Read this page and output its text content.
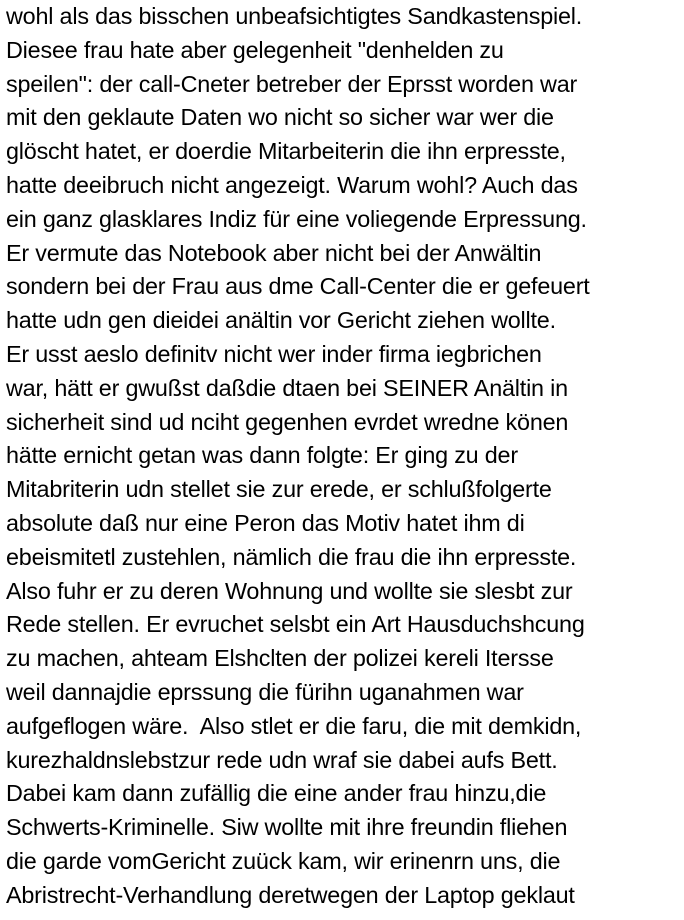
wohl als das bisschen unbeafsichtigtes Sandkastenspiel.
Diesee frau hate aber gelegenheit "denhelden zu
speilen": der call-Cneter betreber der Eprsst worden war
mit den geklaute Daten wo nicht so sicher war wer die
glöscht hatet, er doerdie Mitarbeiterin die ihn erpresste,
hatte deeibruch nicht angezeigt. Warum wohl? Auch das
ein ganz glasklares Indiz für eine voliegende Erpressung.
Er vermute das Notebook aber nicht bei der Anwältin
sondern bei der Frau aus dme Call-Center die er gefeuert
hatte udn gen dieidei anältin vor Gericht ziehen wollte.
Er usst aeslo definitv nicht wer inder firma iegbrichen
war, hätt er gwußst daßdie dtaen bei SEINER Anältin in
sicherheit sind ud nciht gegenhen evrdet wredne könen
hätte ernicht getan was dann folgte: Er ging zu der
Mitabriterin udn stellet sie zur erede, er schlußfolgerte
absolute daß nur eine Peron das Motiv hatet ihm di
ebeismitetl zustehlen, nämlich die frau die ihn erpresste.
Also fuhr er zu deren Wohnung und wollte sie slesbt zur
Rede stellen. Er evruchet selsbt ein Art Hausduchshcung
zu machen, ahteam Elshclten der polizei kereli Itersse
weil dannajdie eprssung die fürihn uganahmen war
aufgeflogen wäre.  Also stlet er die faru, die mit demkidn,
kurezhaldnslebstzur rede udn wraf sie dabei aufs Bett.
Dabei kam dann zufällig die eine ander frau hinzu,die
Schwerts-Kriminelle. Siw wollte mit ihre freundin fliehen
die garde vomGericht zuück kam, wir erinenrn uns, die
Abristrecht-Verhandlung deretwegen der Laptop geklaut
